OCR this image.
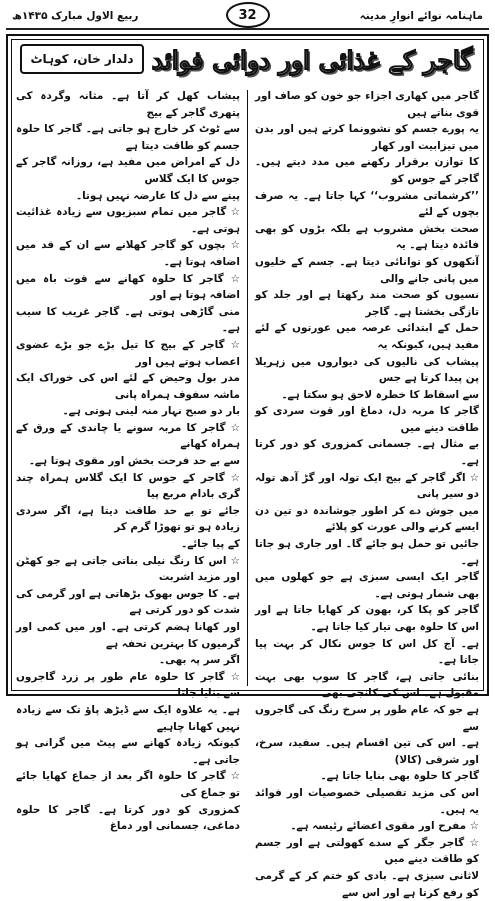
ربیع الاول مبارک ۱۴۳۵ھ	ماہنامہ نوائے انوارِ مدینہ
32
گاجر کے غذائی اور دوائی فوائد
دلدار خان، کوہاٹ

گاجر میں کھاری اجزاء جو خون کو صاف اور قوی بناتے ہیں

یہ پورے جسم کو نشوونما کرتے ہیں اور بدن میں تیزابیت اور کھار

کا توازن برقرار رکھنے میں مدد دیتے ہیں۔ گاجر کے جوس کو

’’کرشماتی مشروب‘‘ کہا جاتا ہے۔ یہ صرف بچوں کے لئے

صحت بخش مشروب ہے بلکہ بڑوں کو بھی فائدہ دیتا ہے۔ یہ

آنکھوں کو توانائی دیتا ہے۔ جسم کے خلیوں میں پانی جانے والی

نسیوں کو صحت مند رکھتا ہے اور جلد کو تازگی بخشتا ہے۔ گاجر

حمل کے ابتدائی عرصہ میں عورتوں کے لئے مفید ہیں، کیونکہ یہ

پیشاب کی نالیوں کی دیواروں میں زہریلا پن پیدا کرتا ہے جس

سے اسقاط کا خطرہ لاحق ہو سکتا ہے۔

گاجر کا مربہ دل، دماغ اور قوت سردی کو طاقت دینے میں

بے مثال ہے۔ جسمانی کمزوری کو دور کرتا ہے۔

☆ اگر گاجر کے بیج ایک تولہ اور گڑ آدھ تولہ دو سیر پانی

میں جوش دے کر اطور جوشاندہ دو تین دن ایسے کرنے والی عورت کو پلائے

جائیں تو حمل ہو جائے گا۔ اور جاری ہو جاتا ہے۔

گاجر ایک ایسی سبزی ہے جو کھلوں میں بھی شمار ہوتی ہے۔

گاجر کو پکا کر، بھون کر کھایا جاتا ہے اور اس کا حلوہ بھی تیار کیا جاتا ہے۔

ہے۔ آج کل اس کا جوس نکال کر بہت پیا جاتا ہے۔

بنائی جاتی ہے، گاجر کا سوپ بھی بہت مقبول ہے۔ اس کی کانجی بھی

ہے جو کہ عام طور پر سرخ رنگ کی گاجروں سے

ہے۔ اس کی تین اقسام ہیں۔ سفید، سرخ، اور شرقی (کالا)

گاجر کا حلوہ بھی بنایا جاتا ہے۔

اس کی مزید تفصیلی خصوصیات اور فوائد یہ ہیں۔

☆ مفرح اور مقوی اعضائے رئیسہ ہے۔

☆ گاجر جگر کے سدے کھولتی ہے اور جسم کو طاقت دینے میں

لاثانی سبزی ہے۔ بادی کو ختم کر کے گرمی کو رفع کرتا ہے اور اس سے

پیشاب کھل کر آتا ہے۔ مثانہ وگردہ کی پتھری گاجر کے بیج

سے ٹوٹ کر خارج ہو جاتی ہے۔ گاجر کا حلوہ جسم کو طاقت دیتا ہے

دل کے امراض میں مفید ہے، روزانہ گاجر کے جوس کا ایک گلاس

پینے سے دل کا عارضہ نہیں ہوتا۔

☆ گاجر میں تمام سبزیوں سے زیادہ غذائیت ہوتی ہے۔

☆ بچوں کو گاجر کھلانے سے ان کے قد میں اضافہ ہوتا ہے۔

☆ گاجر کا حلوہ کھانے سے قوت باہ میں اضافہ ہوتا ہے اور

منی گاڑھی ہوتی ہے۔ گاجر غریب کا سیب ہے۔

☆ گاجر کے بیج کا تیل بڑے جو بڑے عضوی اعصاب ہوتے ہیں اور

مدر بول وحیض کے لئے اس کی خوراک ایک ماشہ سفوف ہمراہ پانی

بار دو صبح نہار منہ لینی ہوتی ہے۔

☆ گاجر کا مربہ سونے یا چاندی کے ورق کے ہمراہ کھانے

سے بے حد فرحت بخش اور مقوی ہوتا ہے۔

☆ گاجر کے جوس کا ایک گلاس ہمراہ چند گری بادام مربع پیا

جائے تو بے حد طاقت دیتا ہے، اگر سردی زیادہ ہو تو تھوڑا گرم کر

کے پیا جائے۔

☆ اس کا رنگ نیلی بناتی جاتی ہے جو کھٹن اور مزید اشربت

ہے۔ کا جوس بھوک بڑھاتی ہے اور گرمی کی شدت کو دور کرتی ہے

اور کھانا ہضم کرتی ہے۔ اور میں کمی اور گرمیوں کا بہترین تحفہ ہے

اگر سر پہ بھی۔

☆ گاجر کا حلوہ عام طور پر زرد گاجروں سے بنایا جاتا

ہے۔ یہ علاوہ ایک سے ڈیڑھ پاؤ تک سے زیادہ نہیں کھانا چاہیے

کیونکہ زیادہ کھانے سے پیٹ میں گرانی ہو جاتی ہے۔

☆ گاجر کا حلوہ اگر بعد از جماع کھایا جائے تو جماع کی

کمزوری کو دور کرتا ہے۔ گاجر کا حلوہ دماغی، جسمانی اور دماغ
